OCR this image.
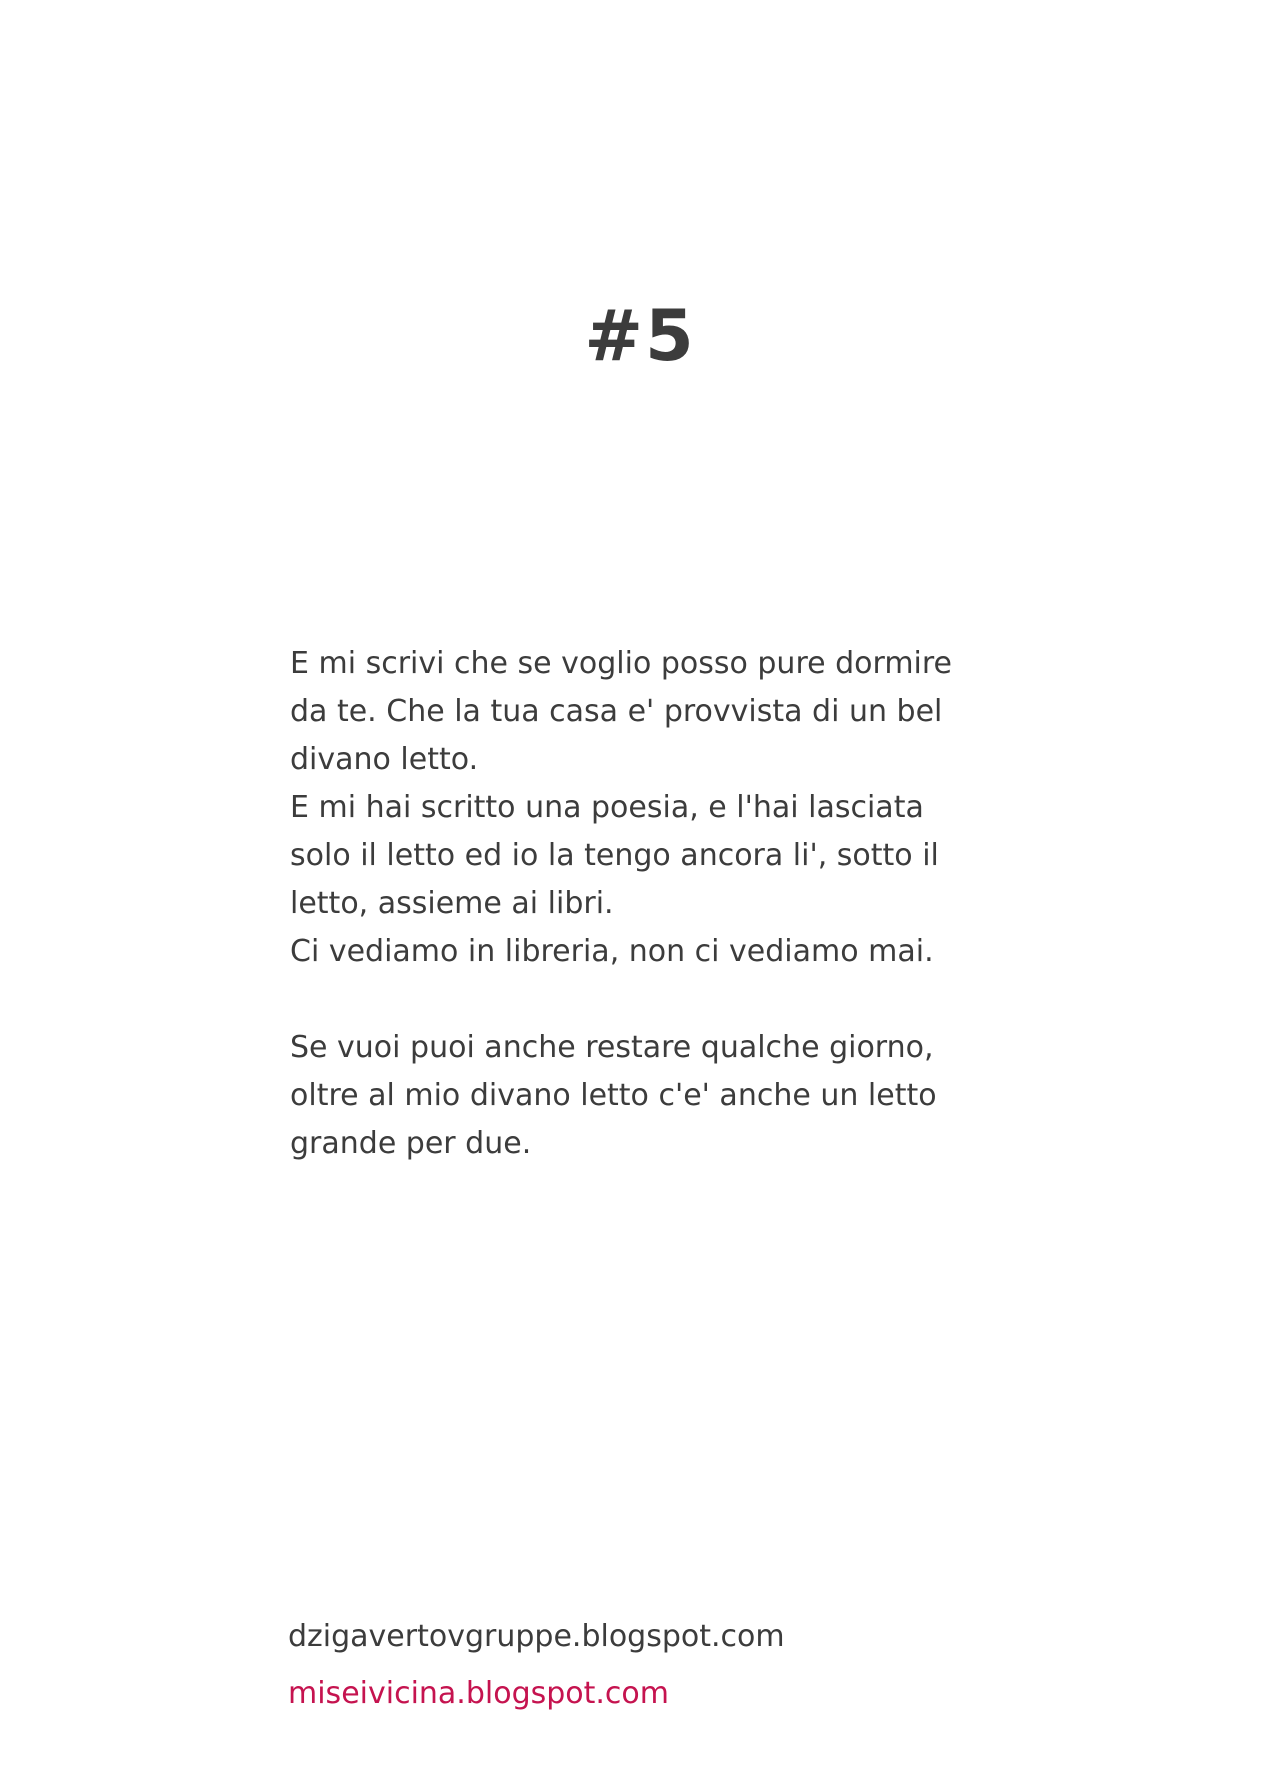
#5
E mi scrivi che se voglio posso pure dormire
da te. Che la tua casa e' provvista di un bel
divano letto.
E mi hai scritto una poesia, e l'hai lasciata
solo il letto ed io la tengo ancora li', sotto il
letto, assieme ai libri.
Ci vediamo in libreria, non ci vediamo mai.
Se vuoi puoi anche restare qualche giorno,
oltre al mio divano letto c'e' anche un letto
grande per due.
dzigavertovgruppe.blogspot.com
miseivicina.blogspot.com
